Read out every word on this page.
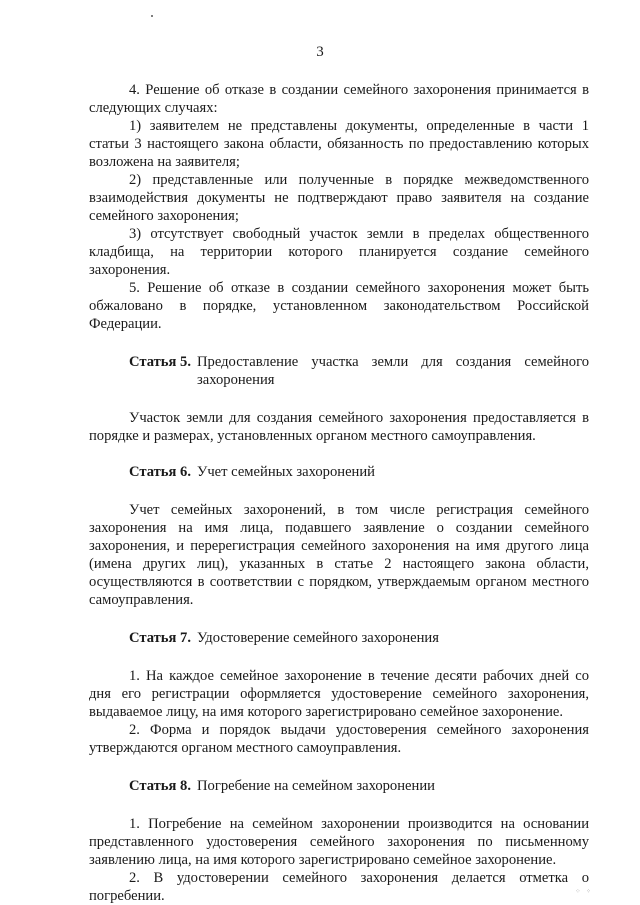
3

4. Решение об отказе в создании семейного захоронения принимается в следующих случаях:

1) заявителем не представлены документы, определенные в части 1 статьи 3 настоящего закона области, обязанность по предоставлению которых возложена на заявителя;

2) представленные или полученные в порядке межведомственного взаимодействия документы не подтверждают право заявителя на создание семейного захоронения;

3) отсутствует свободный участок земли в пределах общественного кладбища, на территории которого планируется создание семейного захоронения.

5. Решение об отказе в создании семейного захоронения может быть обжаловано в порядке, установленном законодательством Российской Федерации.

Статья 5. Предоставление участка земли для создания семейного захоронения

Участок земли для создания семейного захоронения предоставляется в порядке и размерах, установленных органом местного самоуправления.

Статья 6. Учет семейных захоронений

Учет семейных захоронений, в том числе регистрация семейного захоронения на имя лица, подавшего заявление о создании семейного захоронения, и перерегистрация семейного захоронения на имя другого лица (имена других лиц), указанных в статье 2 настоящего закона области, осуществляются в соответствии с порядком, утверждаемым органом местного самоуправления.

Статья 7. Удостоверение семейного захоронения

1. На каждое семейное захоронение в течение десяти рабочих дней со дня его регистрации оформляется удостоверение семейного захоронения, выдаваемое лицу, на имя которого зарегистрировано семейное захоронение.

2. Форма и порядок выдачи удостоверения семейного захоронения утверждаются органом местного самоуправления.

Статья 8. Погребение на семейном захоронении

1. Погребение на семейном захоронении производится на основании представленного удостоверения семейного захоронения по письменному заявлению лица, на имя которого зарегистрировано семейное захоронение.

2. В удостоверении семейного захоронения делается отметка о погребении.	⁘ ⁘
